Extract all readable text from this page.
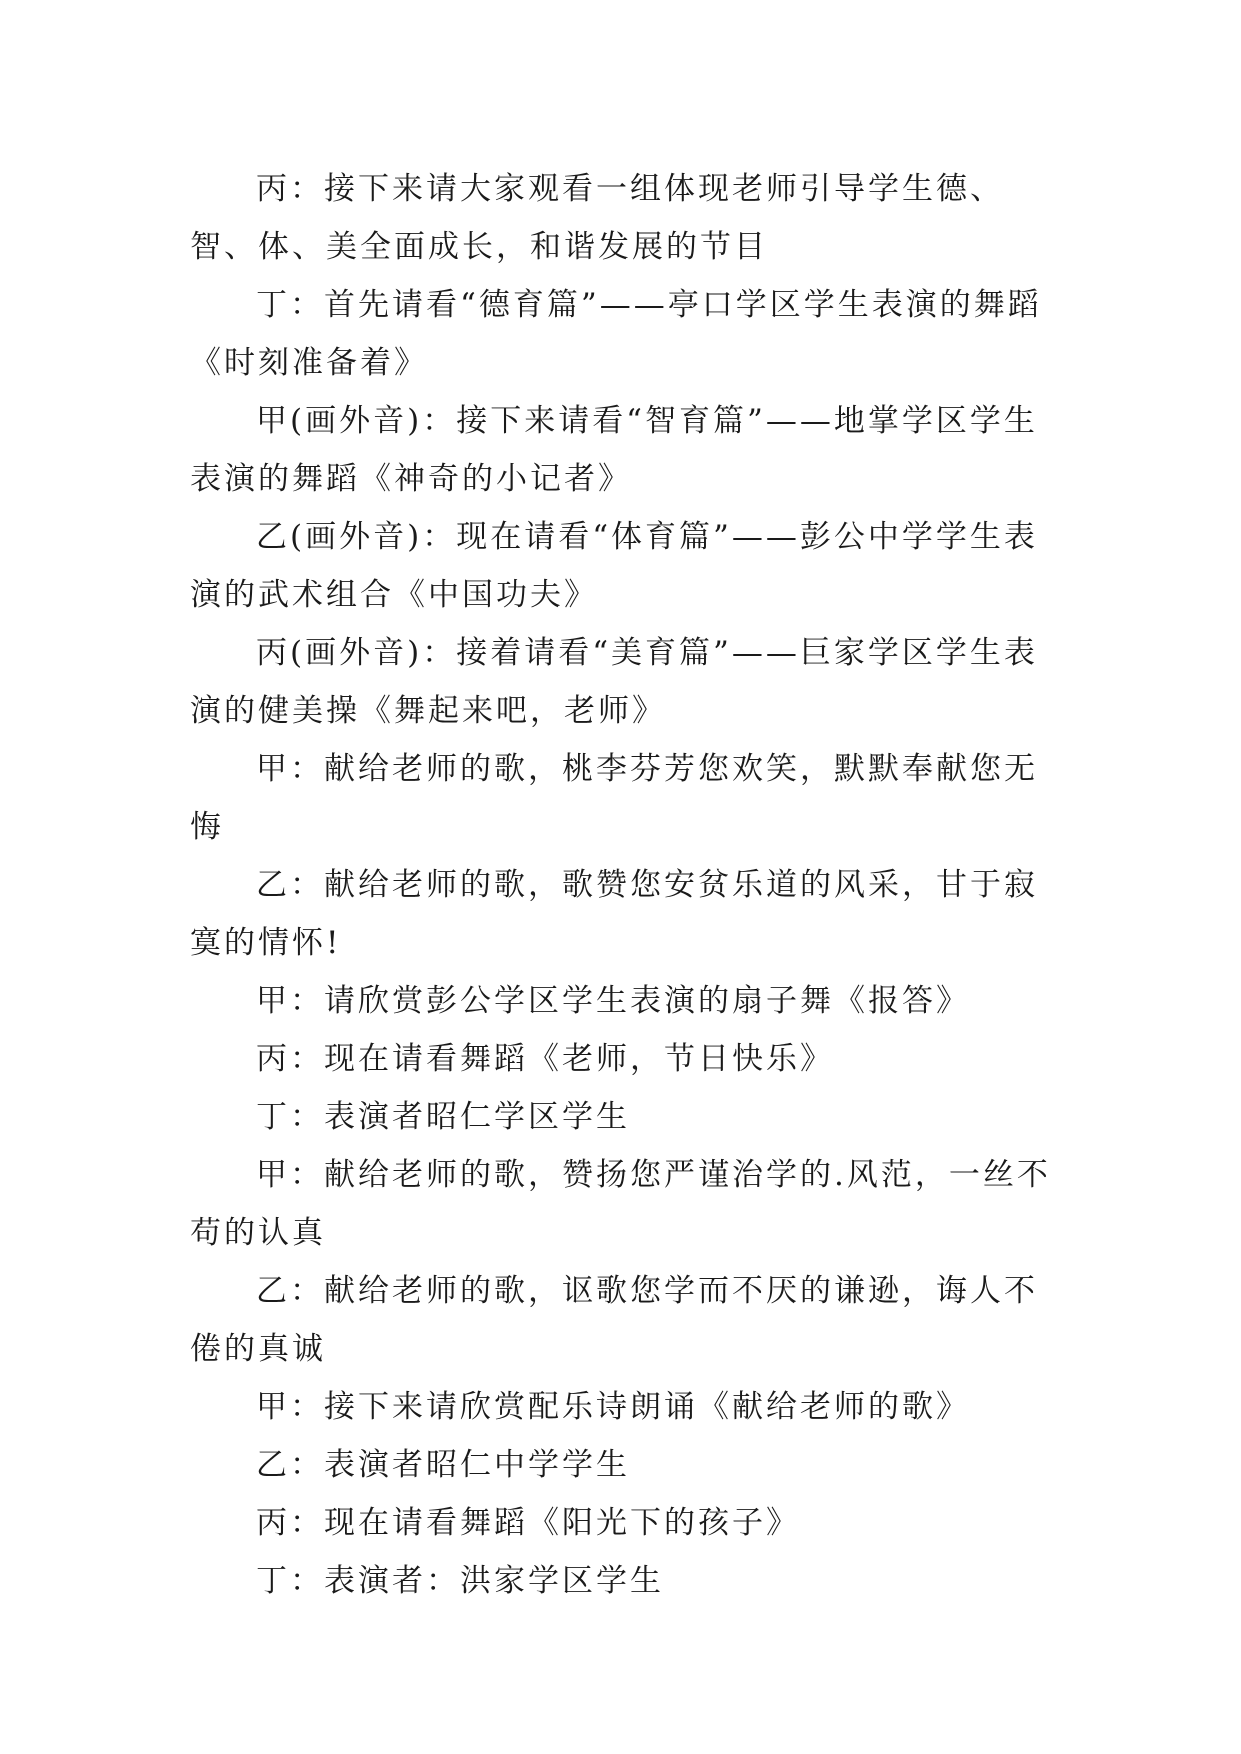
丙：接下来请大家观看一组体现老师引导学生德、智、体、美全面成长，和谐发展的节目

丁：首先请看“德育篇”——亭口学区学生表演的舞蹈《时刻准备着》

甲(画外音)：接下来请看“智育篇”——地掌学区学生表演的舞蹈《神奇的小记者》

乙(画外音)：现在请看“体育篇”——彭公中学学生表演的武术组合《中国功夫》

丙(画外音)：接着请看“美育篇”——巨家学区学生表演的健美操《舞起来吧，老师》

甲：献给老师的歌，桃李芬芳您欢笑，默默奉献您无悔

乙：献给老师的歌，歌赞您安贫乐道的风采，甘于寂寞的情怀!

甲：请欣赏彭公学区学生表演的扇子舞《报答》

丙：现在请看舞蹈《老师，节日快乐》

丁：表演者昭仁学区学生

甲：献给老师的歌，赞扬您严谨治学的.风范，一丝不苟的认真

乙：献给老师的歌，讴歌您学而不厌的谦逊，诲人不倦的真诚

甲：接下来请欣赏配乐诗朗诵《献给老师的歌》

乙：表演者昭仁中学学生

丙：现在请看舞蹈《阳光下的孩子》

丁：表演者：洪家学区学生
